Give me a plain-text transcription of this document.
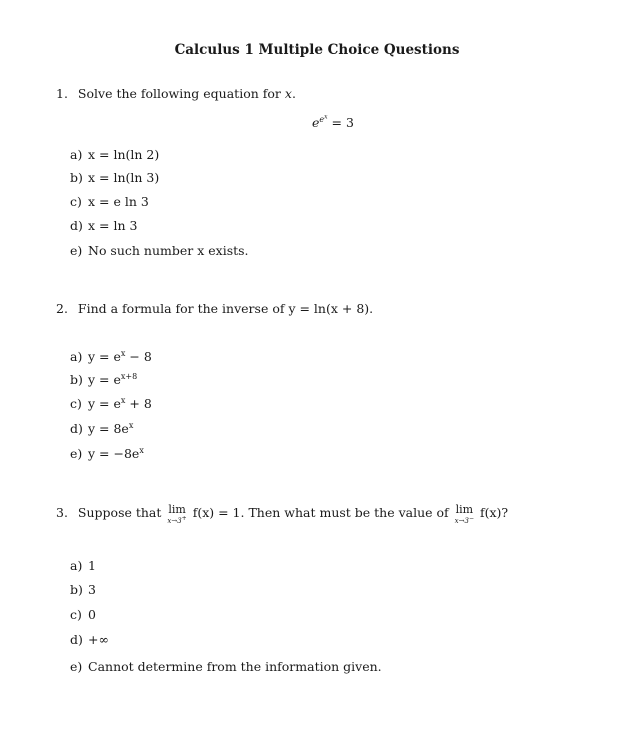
Calculus 1 Multiple Choice Questions
1. Solve the following equation for x.
$e^{e^x} = 3$
a) x = ln(ln 2)
b) x = ln(ln 3)
c) x = e ln 3
d) x = ln 3
e) No such number x exists.
2. Find a formula for the inverse of y = ln(x + 8).
a) $y = e^x - 8$
b) $y = e^{x+8}$
c) $y = e^x + 8$
d) $y = 8e^x$
e) $y = -8e^x$
3. Suppose that lim
x→3+ f(x) = 1. Then what must be the value of lim
x→3− f(x)?
a) 1
b) 3
c) 0
d) +∞
e) Cannot determine from the information given.
